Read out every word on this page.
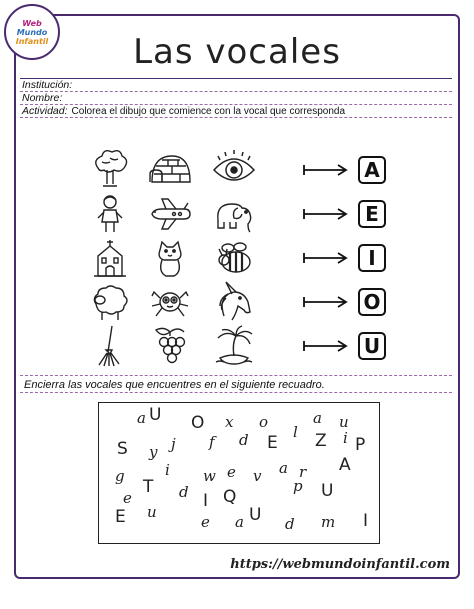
Web
Mundo
Infantil	Las vocales
Institución:
Nombre:
Actividad: Colorea el dibujo que comience con la vocal que corresponda
A
E
I
O
U
Encierra las vocales que encuentres en el siguiente recuadro.
a U O x o	a u
S y j f d E
l Z i P
g	i w e v a r A
T d I Q
p U
e
E u
e a U d m I
https://webmundoinfantil.com
